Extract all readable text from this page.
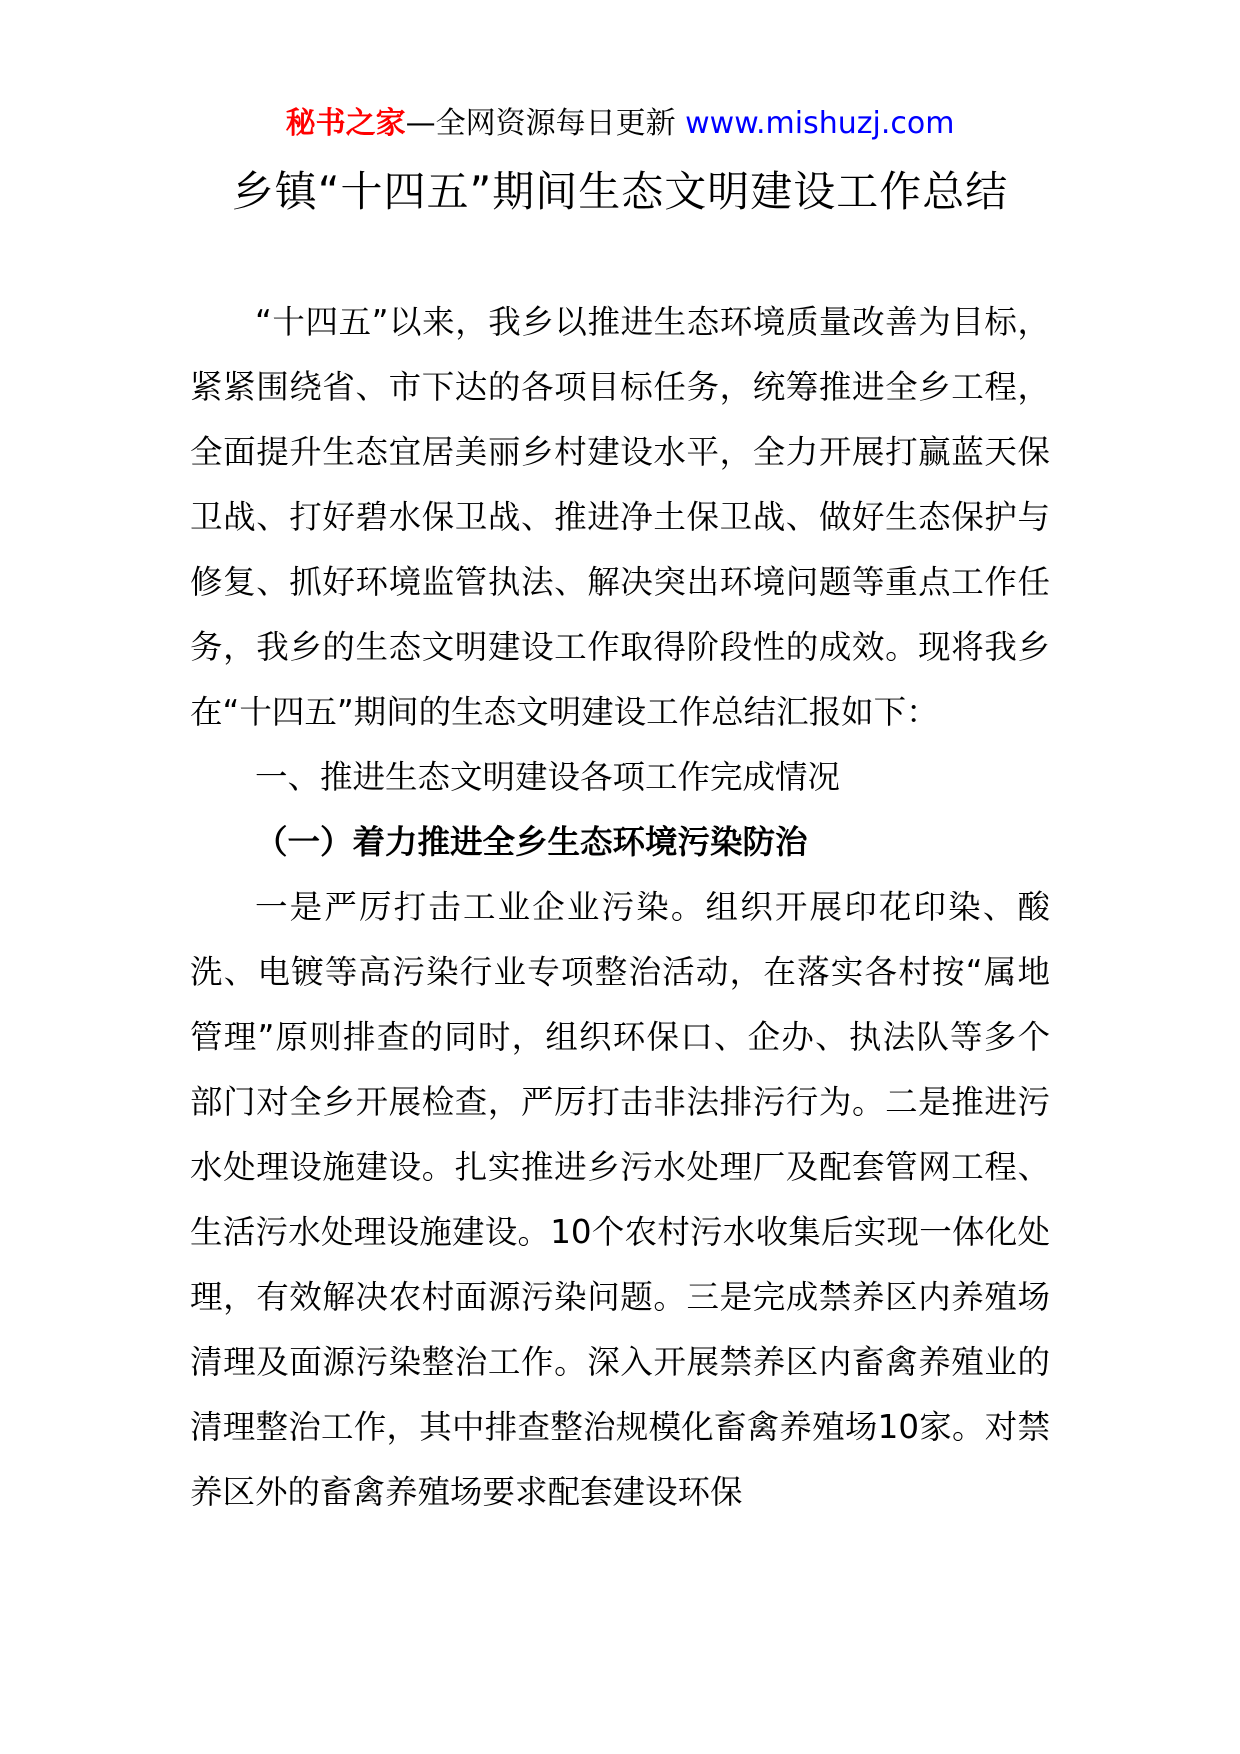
秘书之家—全网资源每日更新 www.mishuzj.com
乡镇“十四五”期间生态文明建设工作总结

“十四五”以来，我乡以推进生态环境质量改善为目标，紧紧围绕省、市下达的各项目标任务，统筹推进全乡工程，全面提升生态宜居美丽乡村建设水平，全力开展打赢蓝天保卫战、打好碧水保卫战、推进净土保卫战、做好生态保护与修复、抓好环境监管执法、解决突出环境问题等重点工作任务，我乡的生态文明建设工作取得阶段性的成效。现将我乡在“十四五”期间的生态文明建设工作总结汇报如下：

一、推进生态文明建设各项工作完成情况

（一）着力推进全乡生态环境污染防治

一是严厉打击工业企业污染。组织开展印花印染、酸洗、电镀等高污染行业专项整治活动，在落实各村按“属地管理”原则排查的同时，组织环保口、企办、执法队等多个部门对全乡开展检查，严厉打击非法排污行为。二是推进污水处理设施建设。扎实推进乡污水处理厂及配套管网工程、生活污水处理设施建设。10个农村污水收集后实现一体化处理，有效解决农村面源污染问题。三是完成禁养区内养殖场清理及面源污染整治工作。深入开展禁养区内畜禽养殖业的清理整治工作，其中排查整治规模化畜禽养殖场10家。对禁养区外的畜禽养殖场要求配套建设环保
